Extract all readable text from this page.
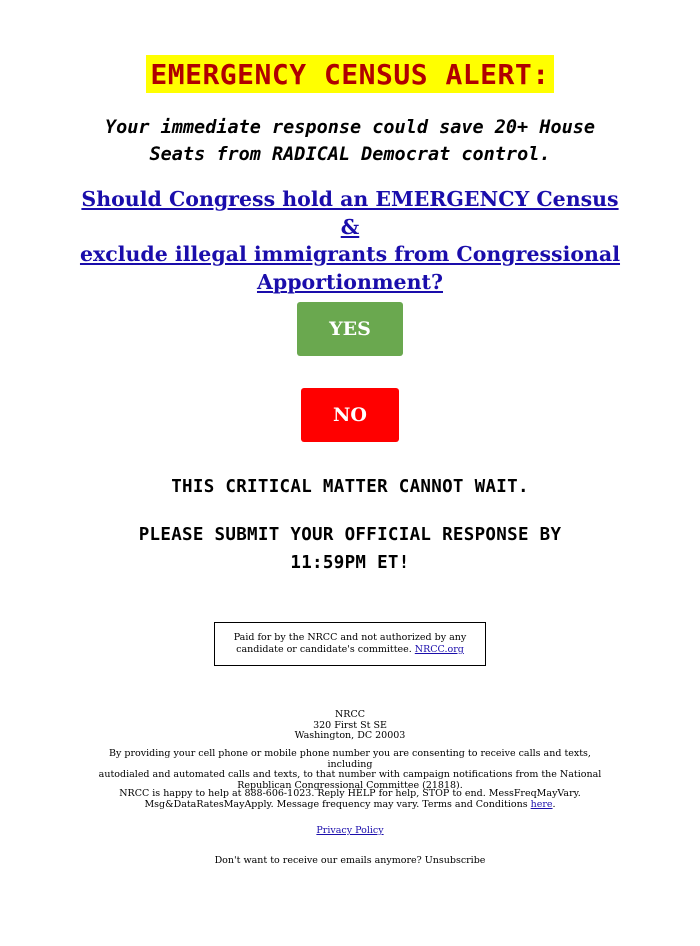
EMERGENCY CENSUS ALERT:
Your immediate response could save 20+ House
Seats from RADICAL Democrat control.
Should Congress hold an EMERGENCY Census &
exclude illegal immigrants from Congressional
Apportionment?
YES
NO
THIS CRITICAL MATTER CANNOT WAIT.
PLEASE SUBMIT YOUR OFFICIAL RESPONSE BY
11:59PM ET!
Paid for by the NRCC and not authorized by any
candidate or candidate's committee. NRCC.org
NRCC
320 First St SE
Washington, DC 20003
By providing your cell phone or mobile phone number you are consenting to receive calls and texts, including
autodialed and automated calls and texts, to that number with campaign notifications from the National
Republican Congressional Committee (21818).
NRCC is happy to help at 888-606-1023. Reply HELP for help, STOP to end. MessFreqMayVary.
Msg&DataRatesMayApply. Message frequency may vary. Terms and Conditions here.
Privacy Policy
Don't want to receive our emails anymore? Unsubscribe
